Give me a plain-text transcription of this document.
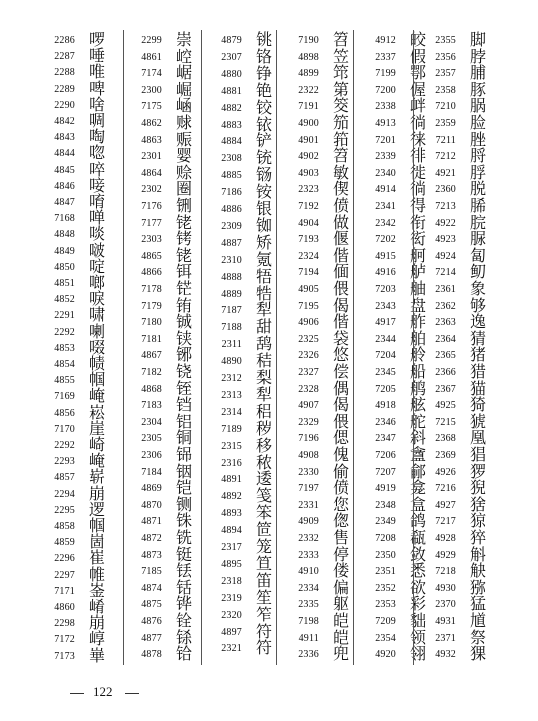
2286 啰
2287 唾
2288 唯
2289 啤
2290 啥
4842 啁
4843 啕
4844 唿
4845 啐
4846 唼
4847 唷
7168 啴
4848 啖
4849 啵
4850 啶
4851 啷
4852 唳
2291 啸
2292 喇
4853 啜
4854 帻
4855 帼
7169 崦
4856 崧
7170 崖
2292 崎
2293 崦
4857 崭
2294 崩
2295 逻
4858 帼
4859 崮
2296 崔
2297 帷
7171 崟
4860 崤
2298 崩
7172 崞
7173 崋
2299 崇
4861 崆
7174 崌
2300 崛
7175 崡
4862 赇
4863 赈
2301 婴
4864 赊
2302 圈
7176 铏
7177 铑
2303 铐
4865 铑
4866 铒
7178 铓
7179 铕
7180 铖
7181 铗
4867 铘
7182 铙
4868 铚
7183 铛
2304 铝
2305 铜
2306 铞
7184 铟
4869 铠
4870 铡
4871 铢
4872 铣
4873 铤
7185 铥
4874 铦
4875 铧
4876 铨
4877 铩
4878 铪
4879 铫
2307 铬
4880 铮
4881 铯
4882 铰
4883 铱
4884 铲
2308 铳
4885 铴
7186 铵
4886 银
2309 铷
4887 矫
2310 氪
4888 牾
4889 牿
7187 犁
7188 甜
2311 鸹
4890 秸
2312 梨
2313 犁
2314 稆
7189 秽
2315 移
2316 秾
4891 逶
4892 笺
4893 笨
4894 笸
2317 笼
4895 笪
2318 笛
2319 笙
2320 笮
4897 符
2321 符
7190 笤
4898 笠
4899 筇
2322 第
7191 筊
4900 笳
4901 筘
4902 笤
4903 敏
2323 偰
7192 偾
4904 做
7193 偃
2324 偕
7194 偭
4905 偎
7195 偈
4906 偕
2325 袋
2326 悠
2327 偿
2328 偶
4907 偈
2329 偎
7196 偲
4908 傀
2330 偷
7197 偾
2331 您
4909 偬
2332 售
2333 停
4910 偻
2334 偏
2335 躯
7198 皑
4911 皑
2336 兜
4912 皎
2337 假
7199 鄂
7200 偓
2338 衅
4913 徜
7201 徕
2339 徘
2340 徙
4914 徜
2341 得
2342 衔
7202 衒
4915 舸
4916 舻
7203 舳
2343 盘
4917 舴
2344 舶
7204 舲
2345 船
7205 鸼
4918 舷
2346 舵
2347 斜
7206 盦
7207 鄃
4919 龛
2348 盒
2349 鸽
7208 瓻
2350 敛
2351 悉
2352 欲
2353 彩
7209 貀
2354 领
4920 翎
2355 脚
2356 脖
2357 脯
2358 豚
7210 脶
2359 脸
7211 脞
7212 脟
4921 脬
2360 脱
7213 脪
4922 脘
4923 脲
4924 匐
7214 鱽
2361 象
2362 够
2363 逸
2364 猜
2365 猪
2366 猎
2367 猫
4925 猗
7215 猇
2368 凰
2369 猖
4926 猡
7216 猊
4927 猞
7217 猄
4928 猝
4929 斛
7218 觖
4930 猕
2370 猛
4931 馗
2371 祭
4932 猓
122
